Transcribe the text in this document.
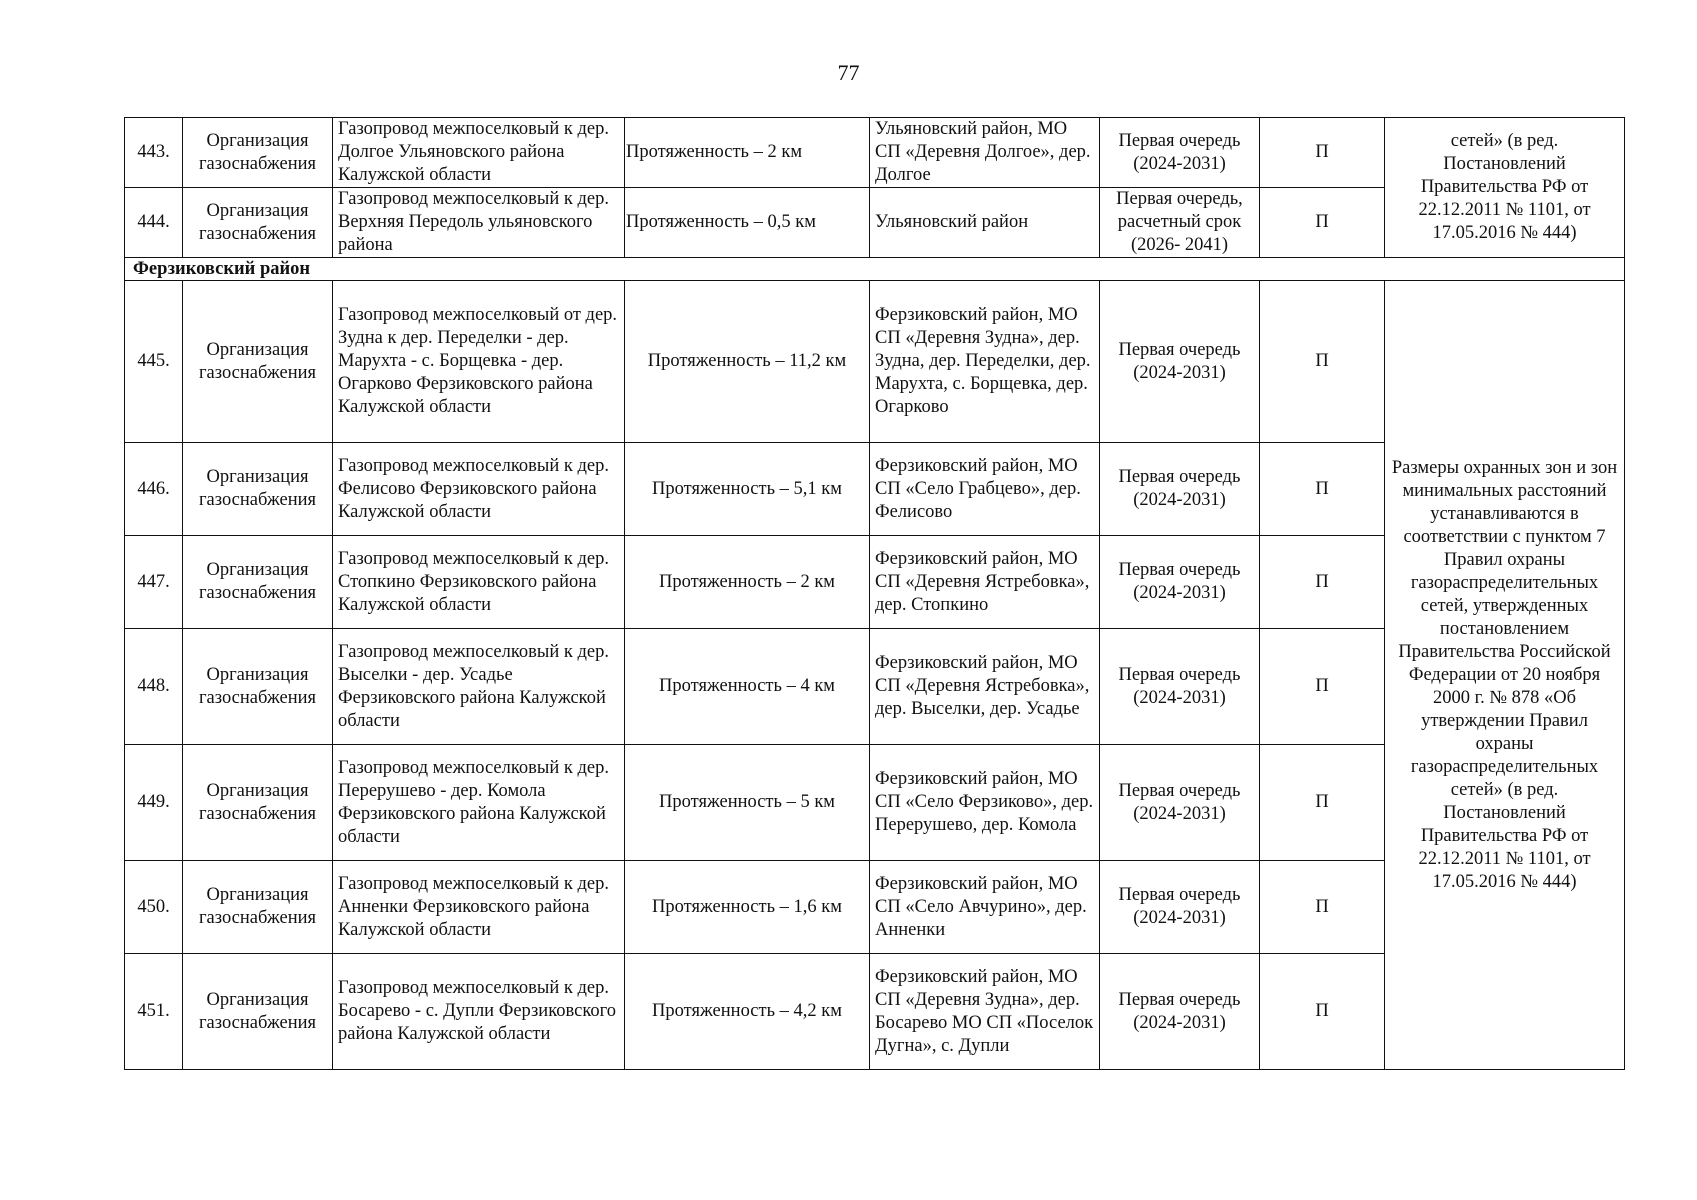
77
443.	Организация газоснабжения	Газопровод межпоселковый к дер. Долгое Ульяновского района Калужской области	Протяженность – 2 км	Ульяновский район, МО СП «Деревня Долгое», дер. Долгое	Первая очередь (2024-2031)	П	сетей» (в ред. Постановлений Правительства РФ от 22.12.2011 № 1101, от 17.05.2016 № 444)
444.	Организация газоснабжения	Газопровод межпоселковый к дер. Верхняя Передоль ульяновского района	Протяженность – 0,5 км	Ульяновский район	Первая очередь, расчетный срок (2026- 2041)	П	
Ферзиковский район							
445.	Организация газоснабжения	Газопровод межпоселковый от дер. Зудна к дер. Переделки - дер. Марухта - с. Борщевка - дер. Огарково Ферзиковского района Калужской области	Протяженность – 11,2 км	Ферзиковский район, МО СП «Деревня Зудна», дер. Зудна, дер. Переделки, дер. Марухта, с. Борщевка, дер. Огарково	Первая очередь (2024-2031)	П	Размеры охранных зон и зон минимальных расстояний устанавливаются в соответствии с пунктом 7 Правил охраны газораспределительных сетей, утвержденных постановлением Правительства Российской Федерации от 20 ноября 2000 г. № 878 «Об утверждении Правил охраны газораспределительных сетей» (в ред. Постановлений Правительства РФ от 22.12.2011 № 1101, от 17.05.2016 № 444)
446.	Организация газоснабжения	Газопровод межпоселковый к дер. Фелисово Ферзиковского района Калужской области	Протяженность – 5,1 км	Ферзиковский район, МО СП «Село Грабцево», дер. Фелисово	Первая очередь (2024-2031)	П	
447.	Организация газоснабжения	Газопровод межпоселковый к дер. Стопкино Ферзиковского района Калужской области	Протяженность – 2 км	Ферзиковский район, МО СП «Деревня Ястребовка», дер. Стопкино	Первая очередь (2024-2031)	П	
448.	Организация газоснабжения	Газопровод межпоселковый к дер. Выселки - дер. Усадье Ферзиковского района Калужской области	Протяженность – 4 км	Ферзиковский район, МО СП «Деревня Ястребовка», дер. Выселки, дер. Усадье	Первая очередь (2024-2031)	П	
449.	Организация газоснабжения	Газопровод межпоселковый к дер. Перерушево - дер. Комола Ферзиковского района Калужской области	Протяженность – 5 км	Ферзиковский район, МО СП «Село Ферзиково», дер. Перерушево, дер. Комола	Первая очередь (2024-2031)	П	
450.	Организация газоснабжения	Газопровод межпоселковый к дер. Анненки Ферзиковского района Калужской области	Протяженность – 1,6 км	Ферзиковский район, МО СП «Село Авчурино», дер. Анненки	Первая очередь (2024-2031)	П	
451.	Организация газоснабжения	Газопровод межпоселковый к дер. Босарево - с. Дупли Ферзиковского района Калужской области	Протяженность – 4,2 км	Ферзиковский район, МО СП «Деревня Зудна», дер. Босарево МО СП «Поселок Дугна», с. Дупли	Первая очередь (2024-2031)	П	
